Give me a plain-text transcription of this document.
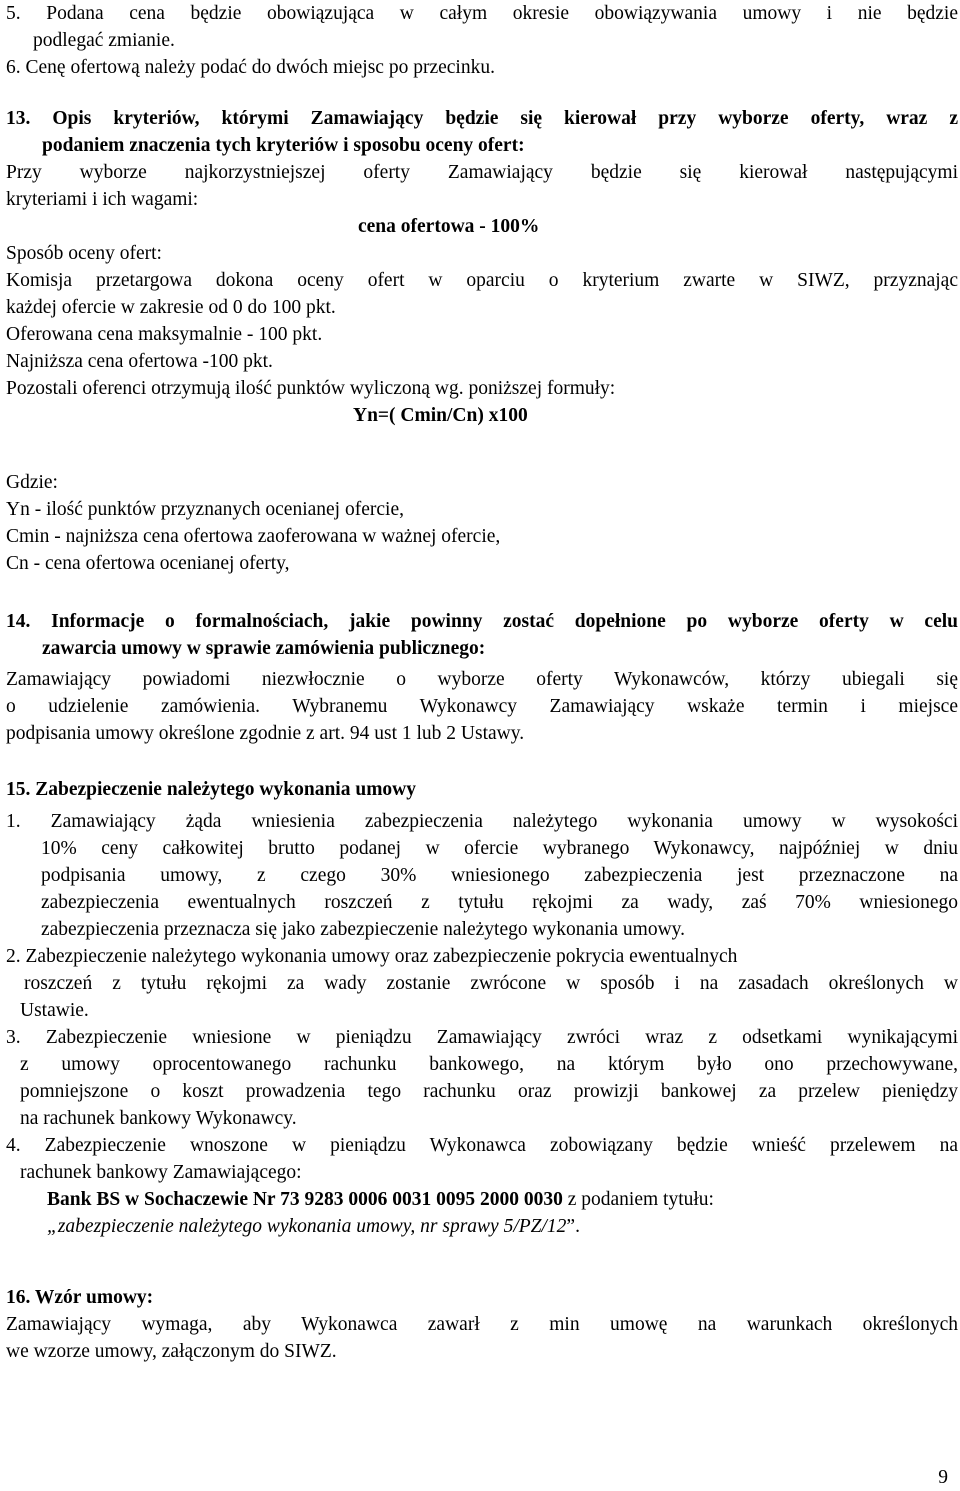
5. Podana cena będzie obowiązująca w całym okresie obowiązywania umowy i nie będzie
podlegać zmianie.
6. Cenę ofertową należy podać do dwóch miejsc po przecinku.
13. Opis kryteriów, którymi Zamawiający będzie się kierował przy wyborze oferty, wraz z
podaniem znaczenia tych kryteriów i sposobu oceny ofert:
Przy wyborze najkorzystniejszej oferty Zamawiający będzie się kierował następującymi
kryteriami i ich wagami:
cena ofertowa - 100%
Sposób oceny ofert:
Komisja przetargowa dokona oceny ofert w oparciu o kryterium zwarte w SIWZ, przyznając
każdej ofercie w zakresie od 0 do 100 pkt.
Oferowana cena maksymalnie - 100 pkt.
Najniższa cena ofertowa -100 pkt.
Pozostali oferenci otrzymują ilość punktów wyliczoną wg. poniższej formuły:
Yn=( Cmin/Cn) x100
Gdzie:
Yn - ilość punktów przyznanych ocenianej ofercie,
Cmin - najniższa cena ofertowa zaoferowana w ważnej ofercie,
Cn - cena ofertowa ocenianej oferty,
14. Informacje o formalnościach, jakie powinny zostać dopełnione po wyborze oferty w celu
zawarcia umowy w sprawie zamówienia publicznego:
Zamawiający powiadomi niezwłocznie o wyborze oferty Wykonawców, którzy ubiegali się
o udzielenie zamówienia. Wybranemu Wykonawcy Zamawiający wskaże termin i miejsce
podpisania umowy określone zgodnie z art. 94 ust 1 lub 2 Ustawy.
15. Zabezpieczenie należytego wykonania umowy
1. Zamawiający żąda wniesienia zabezpieczenia należytego wykonania umowy w wysokości
10% ceny całkowitej brutto podanej w ofercie wybranego Wykonawcy, najpóźniej w dniu
podpisania umowy, z czego 30% wniesionego zabezpieczenia jest przeznaczone na
zabezpieczenia ewentualnych roszczeń z tytułu rękojmi za wady, zaś 70% wniesionego
zabezpieczenia przeznacza się jako zabezpieczenie należytego wykonania umowy.
2. Zabezpieczenie należytego wykonania umowy oraz zabezpieczenie pokrycia ewentualnych
roszczeń z tytułu rękojmi za wady zostanie zwrócone w sposób i na zasadach określonych w
Ustawie.
3. Zabezpieczenie wniesione w pieniądzu Zamawiający zwróci wraz z odsetkami wynikającymi
z umowy oprocentowanego rachunku bankowego, na którym było ono przechowywane,
pomniejszone o koszt prowadzenia tego rachunku oraz prowizji bankowej za przelew pieniędzy
na rachunek bankowy Wykonawcy.
4. Zabezpieczenie wnoszone w pieniądzu Wykonawca zobowiązany będzie wnieść przelewem na
rachunek bankowy Zamawiającego:
Bank BS w Sochaczewie Nr 73 9283 0006 0031 0095 2000 0030 z podaniem tytułu:
„zabezpieczenie należytego wykonania umowy, nr sprawy 5/PZ/12”.
16. Wzór umowy:
Zamawiający wymaga, aby Wykonawca zawarł z min umowę na warunkach określonych
we wzorze umowy, załączonym do SIWZ.
9
